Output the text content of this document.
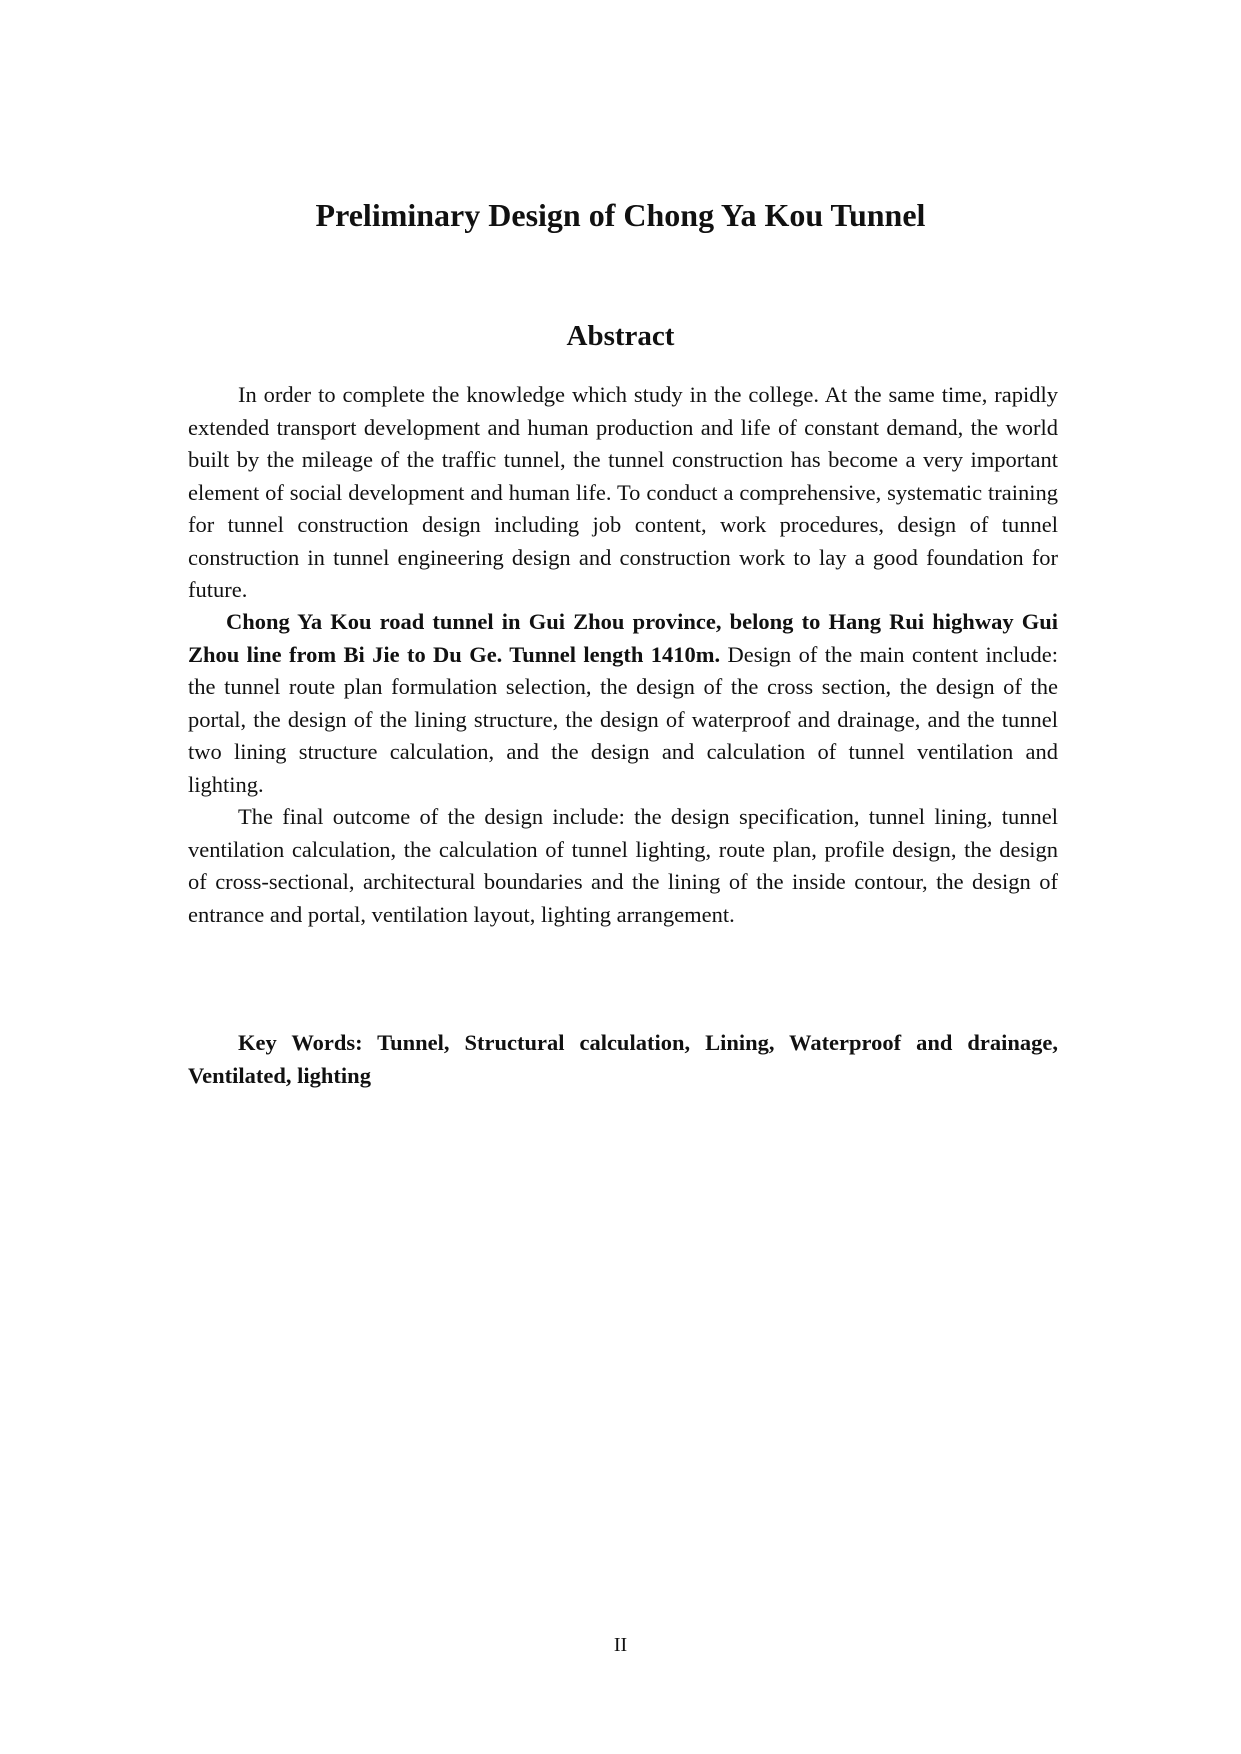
Preliminary Design of Chong Ya Kou Tunnel
Abstract

In order to complete the knowledge which study in the college. At the same time, rapidly extended transport development and human production and life of constant demand, the world built by the mileage of the traffic tunnel, the tunnel construction has become a very important element of social development and human life. To conduct a comprehensive, systematic training for tunnel construction design including job content, work procedures, design of tunnel construction in tunnel engineering design and construction work to lay a good foundation for future.

Chong Ya Kou road tunnel in Gui Zhou province, belong to Hang Rui highway Gui Zhou line from Bi Jie to Du Ge. Tunnel length 1410m. Design of the main content include: the tunnel route plan formulation selection, the design of the cross section, the design of the portal, the design of the lining structure, the design of waterproof and drainage, and the tunnel two lining structure calculation, and the design and calculation of tunnel ventilation and lighting.

The final outcome of the design include: the design specification, tunnel lining, tunnel ventilation calculation, the calculation of tunnel lighting, route plan, profile design, the design of cross-sectional, architectural boundaries and the lining of the inside contour, the design of entrance and portal, ventilation layout, lighting arrangement.

Key Words: Tunnel, Structural calculation, Lining, Waterproof and drainage, Ventilated, lighting

II
